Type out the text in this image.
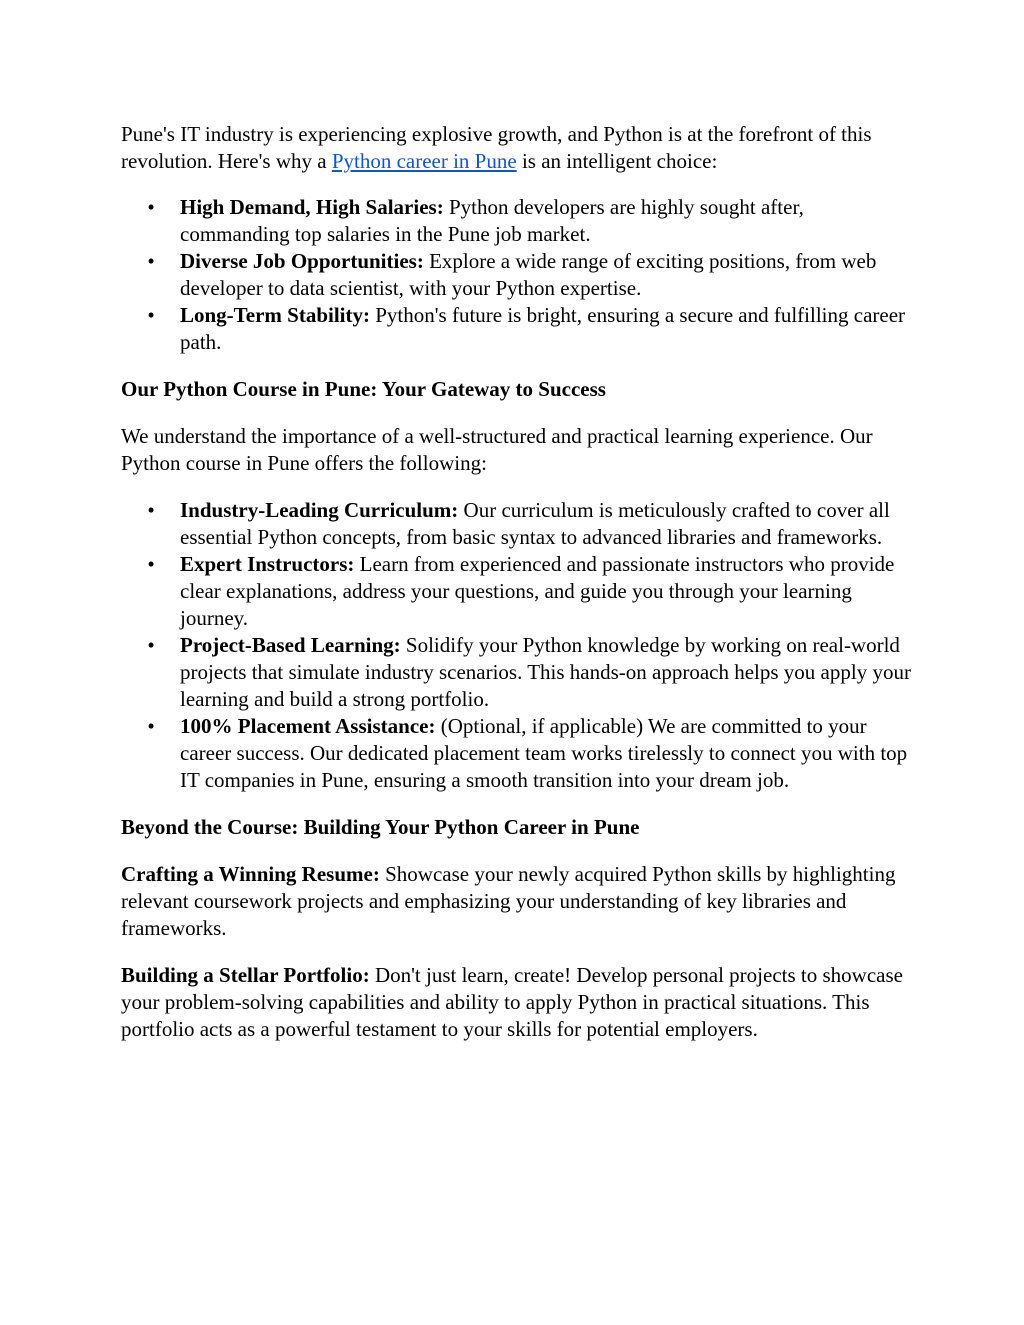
Pune's IT industry is experiencing explosive growth, and Python is at the forefront of this revolution. Here's why a Python career in Pune is an intelligent choice:

• High Demand, High Salaries: Python developers are highly sought after, commanding top salaries in the Pune job market.
• Diverse Job Opportunities: Explore a wide range of exciting positions, from web developer to data scientist, with your Python expertise.
• Long-Term Stability: Python's future is bright, ensuring a secure and fulfilling career path.
Our Python Course in Pune: Your Gateway to Success

We understand the importance of a well-structured and practical learning experience. Our Python course in Pune offers the following:

• Industry-Leading Curriculum: Our curriculum is meticulously crafted to cover all essential Python concepts, from basic syntax to advanced libraries and frameworks.
• Expert Instructors: Learn from experienced and passionate instructors who provide clear explanations, address your questions, and guide you through your learning journey.
• Project-Based Learning: Solidify your Python knowledge by working on real-world projects that simulate industry scenarios. This hands-on approach helps you apply your learning and build a strong portfolio.
• 100% Placement Assistance: (Optional, if applicable) We are committed to your career success. Our dedicated placement team works tirelessly to connect you with top IT companies in Pune, ensuring a smooth transition into your dream job.
Beyond the Course: Building Your Python Career in Pune

Crafting a Winning Resume: Showcase your newly acquired Python skills by highlighting relevant coursework projects and emphasizing your understanding of key libraries and frameworks.

Building a Stellar Portfolio: Don't just learn, create! Develop personal projects to showcase your problem-solving capabilities and ability to apply Python in practical situations. This portfolio acts as a powerful testament to your skills for potential employers.
